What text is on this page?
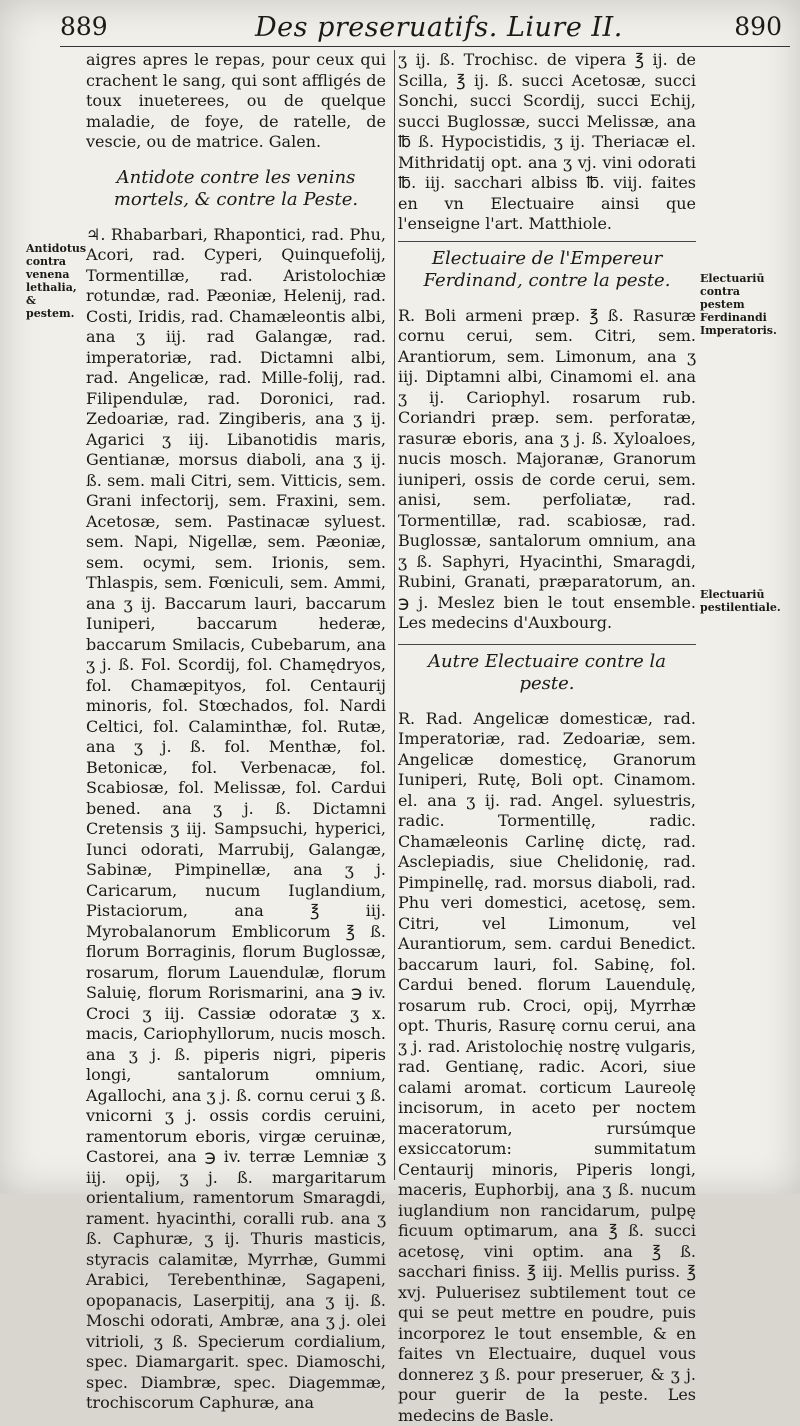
889	Des preseruatifs. Liure II.	890

aigres apres le repas, pour ceux qui crachent le sang, qui sont affligés de toux inueterees, ou de quelque maladie, de foye, de ratelle, de vescie, ou de matrice. Galen.

Antidote contre les venins mortels, & contre la Peste.

♃. Rhabarbari, Rhapontici, rad. Phu, Acori, rad. Cyperi, Quinquefolij, Tormentillæ, rad. Aristolochiæ rotundæ, rad. Pæoniæ, Helenij, rad. Costi, Iridis, rad. Chamæleontis albi, ana ʒ iij. rad Galangæ, rad. imperatoriæ, rad. Dictamni albi, rad. Angelicæ, rad. Mille-folij, rad. Filipendulæ, rad. Doronici, rad. Zedoariæ, rad. Zingiberis, ana ʒ ij. Agarici ʒ iij. Libanotidis maris, Gentianæ, morsus diaboli, ana ʒ ij. ß. sem. mali Citri, sem. Vitticis, sem. Grani infectorij, sem. Fraxini, sem. Acetosæ, sem. Pastinacæ syluest. sem. Napi, Nigellæ, sem. Pæoniæ, sem. ocymi, sem. Irionis, sem. Thlaspis, sem. Fœniculi, sem. Ammi, ana ʒ ij. Baccarum lauri, baccarum Iuniperi, baccarum hederæ, baccarum Smilacis, Cubebarum, ana ʒ j. ß. Fol. Scordij, fol. Chamędryos, fol. Chamæpityos, fol. Centaurij minoris, fol. Stœchados, fol. Nardi Celtici, fol. Calaminthæ, fol. Rutæ, ana ʒ j. ß. fol. Menthæ, fol. Betonicæ, fol. Verbenacæ, fol. Scabiosæ, fol. Melissæ, fol. Cardui bened. ana ʒ j. ß. Dictamni Cretensis ʒ iij. Sampsuchi, hyperici, Iunci odorati, Marrubij, Galangæ, Sabinæ, Pimpinellæ, ana ʒ j. Caricarum, nucum Iuglandium, Pistaciorum, ana ℥ iij. Myrobalanorum Emblicorum ℥ ß. florum Borraginis, florum Buglossæ, rosarum, florum Lauendulæ, florum Saluię, florum Rorismarini, ana ℈ iv. Croci ʒ iij. Cassiæ odoratæ ʒ x. macis, Cariophyllorum, nucis mosch. ana ʒ j. ß. piperis nigri, piperis longi, santalorum omnium, Agallochi, ana ʒ j. ß. cornu cerui ʒ ß. vnicorni ʒ j. ossis cordis ceruini, ramentorum eboris, virgæ ceruinæ, Castorei, ana ℈ iv. terræ Lemniæ ʒ iij. opij, ʒ j. ß. margaritarum orientalium, ramentorum Smaragdi, rament. hyacinthi, coralli rub. ana ʒ ß. Caphuræ, ʒ ij. Thuris masticis, styracis calamitæ, Myrrhæ, Gummi Arabici, Terebenthinæ, Sagapeni, opopanacis, Laserpitij, ana ʒ ij. ß. Moschi odorati, Ambræ, ana ʒ j. olei vitrioli, ʒ ß. Specierum cordialium, spec. Diamargarit. spec. Diamoschi, spec. Diambræ, spec. Diagemmæ, trochiscorum Caphuræ, ana

ʒ ij. ß. Trochisc. de vipera ℥ ij. de Scilla, ℥ ij. ß. succi Acetosæ, succi Sonchi, succi Scordij, succi Echij, succi Buglossæ, succi Melissæ, ana ℔ ß. Hypocistidis, ʒ ij. Theriacæ el. Mithridatij opt. ana ʒ vj. vini odorati ℔. iij. sacchari albiss ℔. viij. faites en vn Electuaire ainsi que l'enseigne l'art. Matthiole.

Electuaire de l'Empereur Ferdinand, contre la peste.

R. Boli armeni præp. ℥ ß. Rasuræ cornu cerui, sem. Citri, sem. Arantiorum, sem. Limonum, ana ʒ iij. Diptamni albi, Cinamomi el. ana ʒ ij. Cariophyl. rosarum rub. Coriandri præp. sem. perforatæ, rasuræ eboris, ana ʒ j. ß. Xyloaloes, nucis mosch. Majoranæ, Granorum iuniperi, ossis de corde cerui, sem. anisi, sem. perfoliatæ, rad. Tormentillæ, rad. scabiosæ, rad. Buglossæ, santalorum omnium, ana ʒ ß. Saphyri, Hyacinthi, Smaragdi, Rubini, Granati, præparatorum, an. ℈ j. Meslez bien le tout ensemble. Les medecins d'Auxbourg.

Autre Electuaire contre la peste.

R. Rad. Angelicæ domesticæ, rad. Imperatoriæ, rad. Zedoariæ, sem. Angelicæ domesticę, Granorum Iuniperi, Rutę, Boli opt. Cinamom. el. ana ʒ ij. rad. Angel. syluestris, radic. Tormentillę, radic. Chamæleonis Carlinę dictę, rad. Asclepiadis, siue Chelidonię, rad. Pimpinellę, rad. morsus diaboli, rad. Phu veri domestici, acetosę, sem. Citri, vel Limonum, vel Aurantiorum, sem. cardui Benedict. baccarum lauri, fol. Sabinę, fol. Cardui bened. florum Lauendulę, rosarum rub. Croci, opij, Myrrhæ opt. Thuris, Rasurę cornu cerui, ana ʒ j. rad. Aristolochię nostrę vulgaris, rad. Gentianę, radic. Acori, siue calami aromat. corticum Laureolę incisorum, in aceto per noctem maceratorum, rursúmque exsiccatorum: summitatum Centaurij minoris, Piperis longi, maceris, Euphorbij, ana ʒ ß. nucum iuglandium non rancidarum, pulpę ficuum optimarum, ana ℥ ß. succi acetosę, vini optim. ana ℥ ß. sacchari finiss. ℥ iij. Mellis puriss. ℥ xvj. Puluerisez subtilement tout ce qui se peut mettre en poudre, puis incorporez le tout ensemble, & en faites vn Electuaire, duquel vous donnerez ʒ ß. pour preseruer, & ʒ j. pour guerir de la peste. Les medecins de Basle.

Antidotus contra venena lethalia, & pestem.
Electuariū contra pestem Ferdinandi Imperatoris.
Electuariū pestilentiale.
